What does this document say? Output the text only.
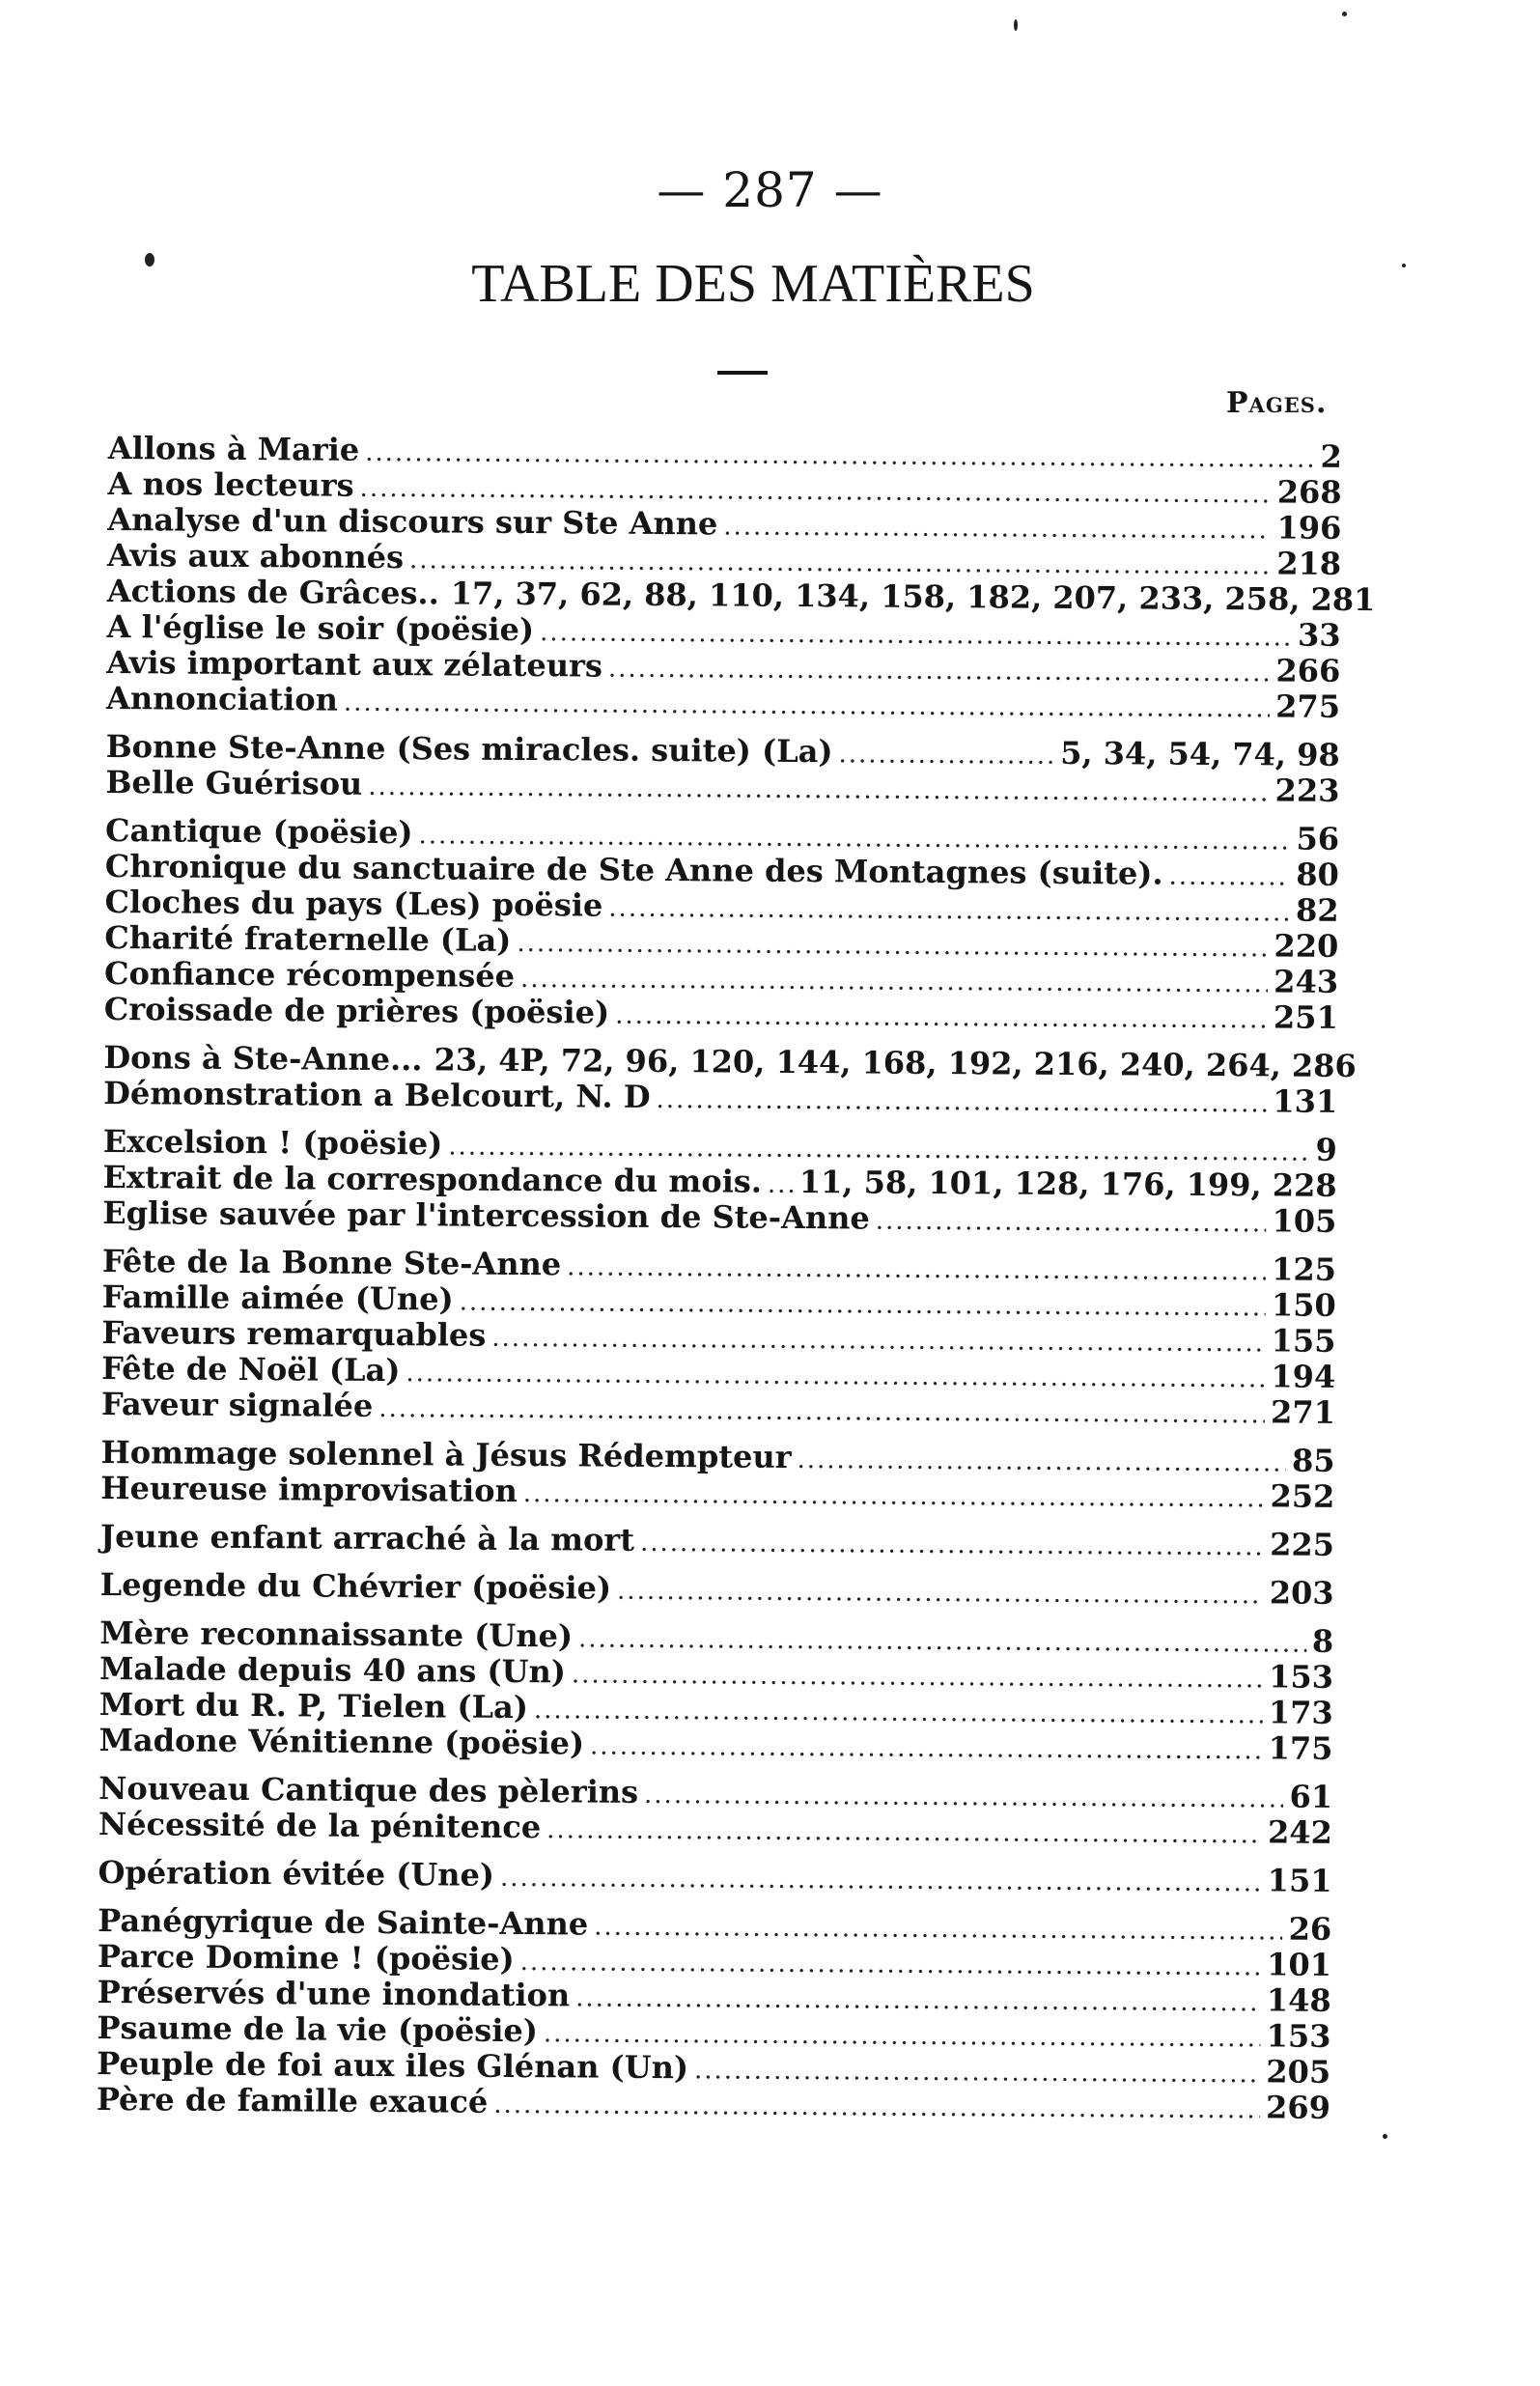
— 287 —
TABLE DES MATIÈRES
Pages.
Allons à Marie .....	2
A nos lecteurs .....	268
Analyse d'un discours sur Ste Anne .....	196
Avis aux abonnés .....	218
Actions de Grâces.. ..... 17, 37, 62, 88, 110, 134, 158, 182, 207, 233, 258, 281
A l'église le soir (poësie) .....	33
Avis important aux zélateurs .....	266
Annonciation .....	275
Bonne Ste-Anne (Ses miracles. suite) (La) .....	5, 34, 54, 74, 98
Belle Guérisou .....	223
Cantique (poësie) .....	56
Chronique du sanctuaire de Ste Anne des Montagnes (suite). .....	80
Cloches du pays (Les) poësie .....	82
Charité fraternelle (La) .....	220
Confiance récompensée .....	243
Croissade de prières (poësie) .....	251
Dons à Ste-Anne... ..... 23, 4P, 72, 96, 120, 144, 168, 192, 216, 240, 264, 286
Démonstration a Belcourt, N. D .....	131
Excelsion ! (poësie) .....	9
Extrait de la correspondance du mois. ..... 11, 58, 101, 128, 176, 199, 228
Eglise sauvée par l'intercession de Ste-Anne .....	105
Fête de la Bonne Ste-Anne .....	125
Famille aimée (Une) .....	150
Faveurs remarquables .....	155
Fête de Noël (La) .....	194
Faveur signalée .....	271
Hommage solennel à Jésus Rédempteur .....	85
Heureuse improvisation .....	252
Jeune enfant arraché à la mort .....	225
Legende du Chévrier (poësie) .....	203
Mère reconnaissante (Une) .....	8
Malade depuis 40 ans (Un) .....	153
Mort du R. P, Tielen (La) .....	173
Madone Vénitienne (poësie) .....	175
Nouveau Cantique des pèlerins .....	61
Nécessité de la pénitence .....	242
Opération évitée (Une) .....	151
Panégyrique de Sainte-Anne .....	26
Parce Domine ! (poësie) .....	101
Préservés d'une inondation .....	148
Psaume de la vie (poësie) .....	153
Peuple de foi aux iles Glénan (Un) .....	205
Père de famille exaucé .....	269
